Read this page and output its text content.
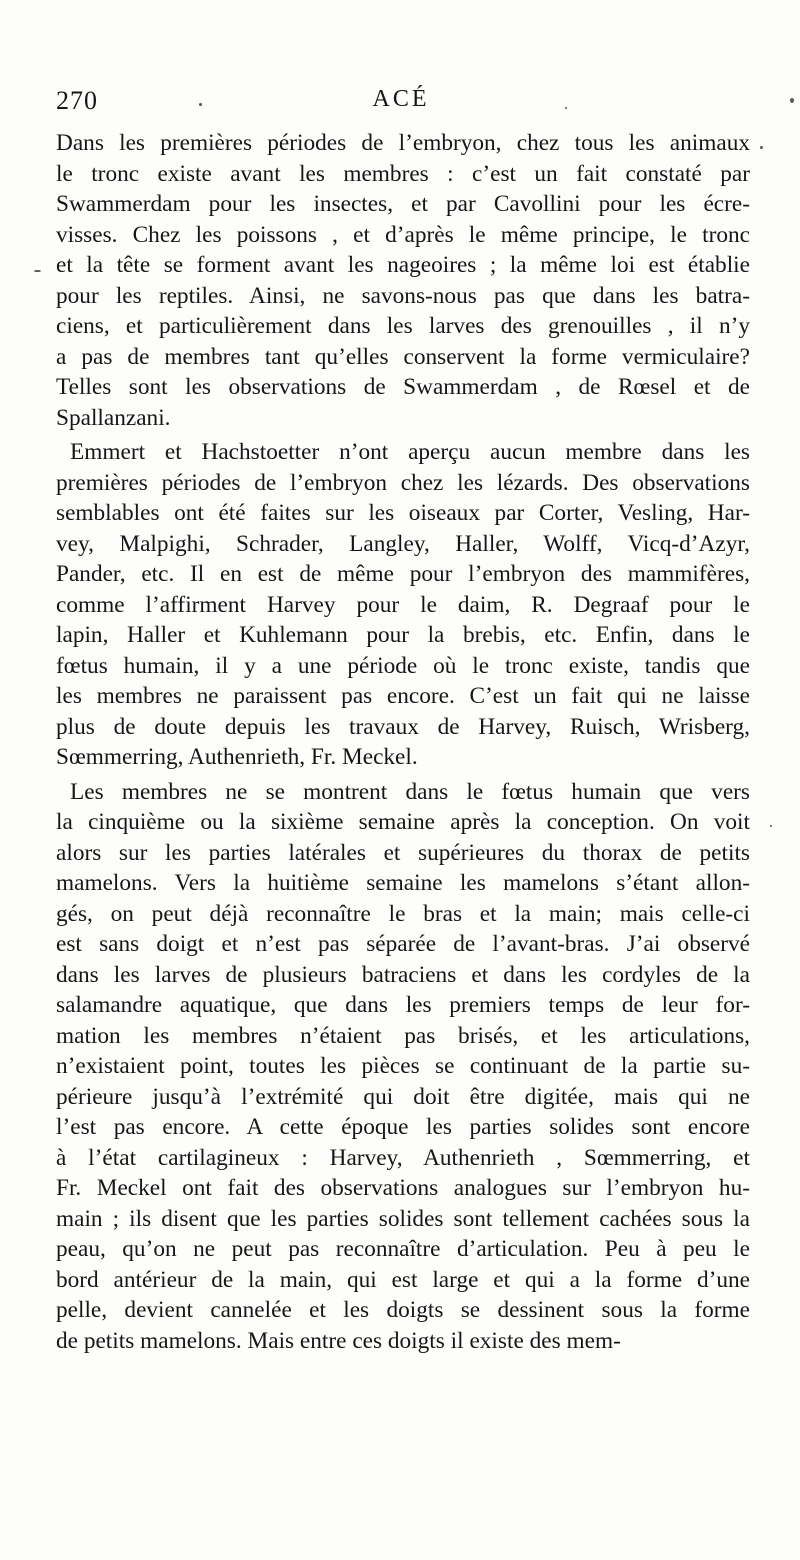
270	ACÉ
Dans les premières périodes de l’embryon, chez tous les animaux
le tronc existe avant les membres : c’est un fait constaté par
Swammerdam pour les insectes, et par Cavollini pour les écre-
visses. Chez les poissons , et d’après le même principe, le tronc
et la tête se forment avant les nageoires ; la même loi est établie
pour les reptiles. Ainsi, ne savons-nous pas que dans les batra-
ciens, et particulièrement dans les larves des grenouilles , il n’y
a pas de membres tant qu’elles conservent la forme vermiculaire?
Telles sont les observations de Swammerdam , de Rœsel et de
Spallanzani.
Emmert et Hachstoetter n’ont aperçu aucun membre dans les
premières périodes de l’embryon chez les lézards. Des observations
semblables ont été faites sur les oiseaux par Corter, Vesling, Har-
vey, Malpighi, Schrader, Langley, Haller, Wolff, Vicq-d’Azyr,
Pander, etc. Il en est de même pour l’embryon des mammifères,
comme l’affirment Harvey pour le daim, R. Degraaf pour le
lapin, Haller et Kuhlemann pour la brebis, etc. Enfin, dans le
fœtus humain, il y a une période où le tronc existe, tandis que
les membres ne paraissent pas encore. C’est un fait qui ne laisse
plus de doute depuis les travaux de Harvey, Ruisch, Wrisberg,
Sœmmerring, Authenrieth, Fr. Meckel.
Les membres ne se montrent dans le fœtus humain que vers
la cinquième ou la sixième semaine après la conception. On voit
alors sur les parties latérales et supérieures du thorax de petits
mamelons. Vers la huitième semaine les mamelons s’étant allon-
gés, on peut déjà reconnaître le bras et la main; mais celle-ci
est sans doigt et n’est pas séparée de l’avant-bras. J’ai observé
dans les larves de plusieurs batraciens et dans les cordyles de la
salamandre aquatique, que dans les premiers temps de leur for-
mation les membres n’étaient pas brisés, et les articulations,
n’existaient point, toutes les pièces se continuant de la partie su-
périeure jusqu’à l’extrémité qui doit être digitée, mais qui ne
l’est pas encore. A cette époque les parties solides sont encore
à l’état cartilagineux : Harvey, Authenrieth , Sœmmerring, et
Fr. Meckel ont fait des observations analogues sur l’embryon hu-
main ; ils disent que les parties solides sont tellement cachées sous la
peau, qu’on ne peut pas reconnaître d’articulation. Peu à peu le
bord antérieur de la main, qui est large et qui a la forme d’une
pelle, devient cannelée et les doigts se dessinent sous la forme
de petits mamelons. Mais entre ces doigts il existe des mem-
